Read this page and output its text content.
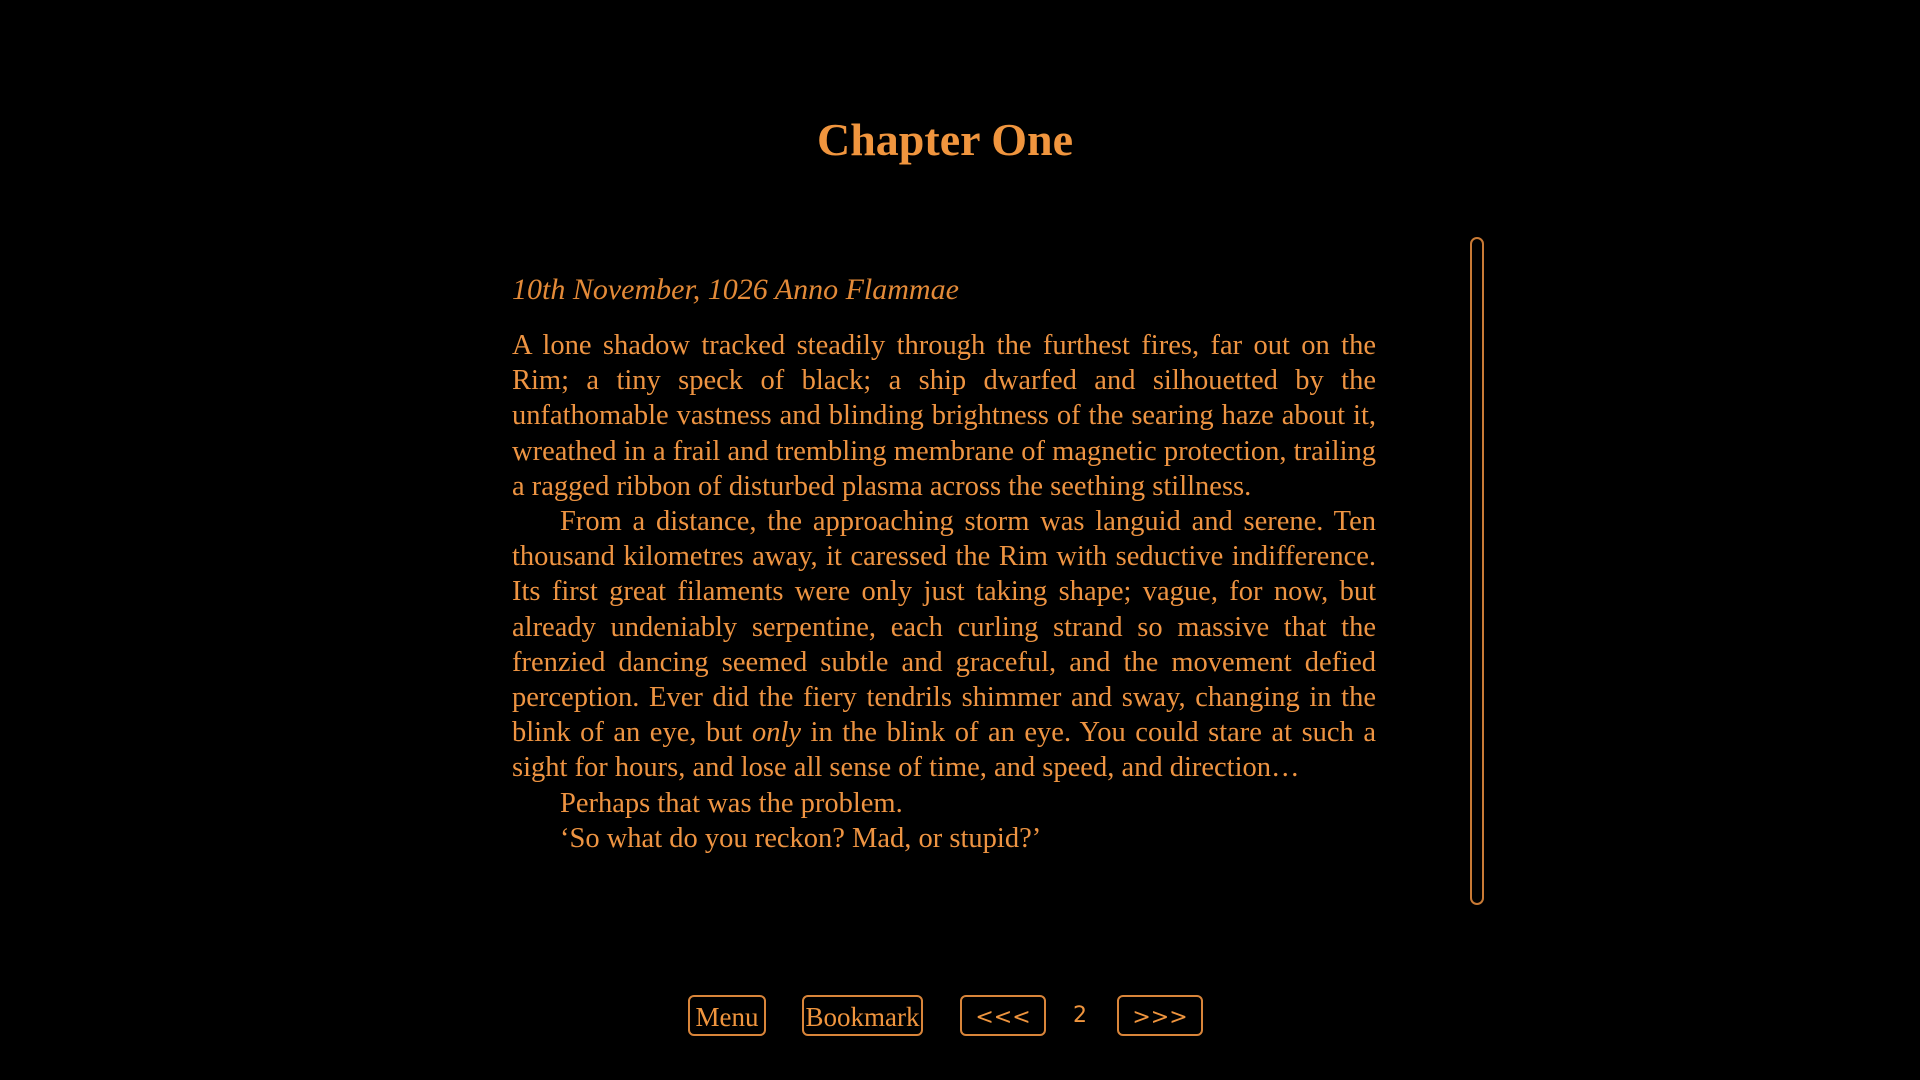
Chapter One

10th November, 1026 Anno Flammae

A lone shadow tracked steadily through the furthest fires, far out on the Rim; a tiny speck of black; a ship dwarfed and silhouetted by the unfathomable vastness and blinding brightness of the searing haze about it, wreathed in a frail and trembling membrane of magnetic protection, trailing a ragged ribbon of disturbed plasma across the seething stillness.

From a distance, the approaching storm was languid and serene. Ten thousand kilometres away, it caressed the Rim with seductive indifference. Its first great filaments were only just taking shape; vague, for now, but already undeniably serpentine, each curling strand so massive that the frenzied dancing seemed subtle and graceful, and the movement defied perception. Ever did the fiery tendrils shimmer and sway, changing in the blink of an eye, but only in the blink of an eye. You could stare at such a sight for hours, and lose all sense of time, and speed, and direction…

Perhaps that was the problem.

‘So what do you reckon? Mad, or stupid?’

Menu Bookmark	<<<	2	>>>
